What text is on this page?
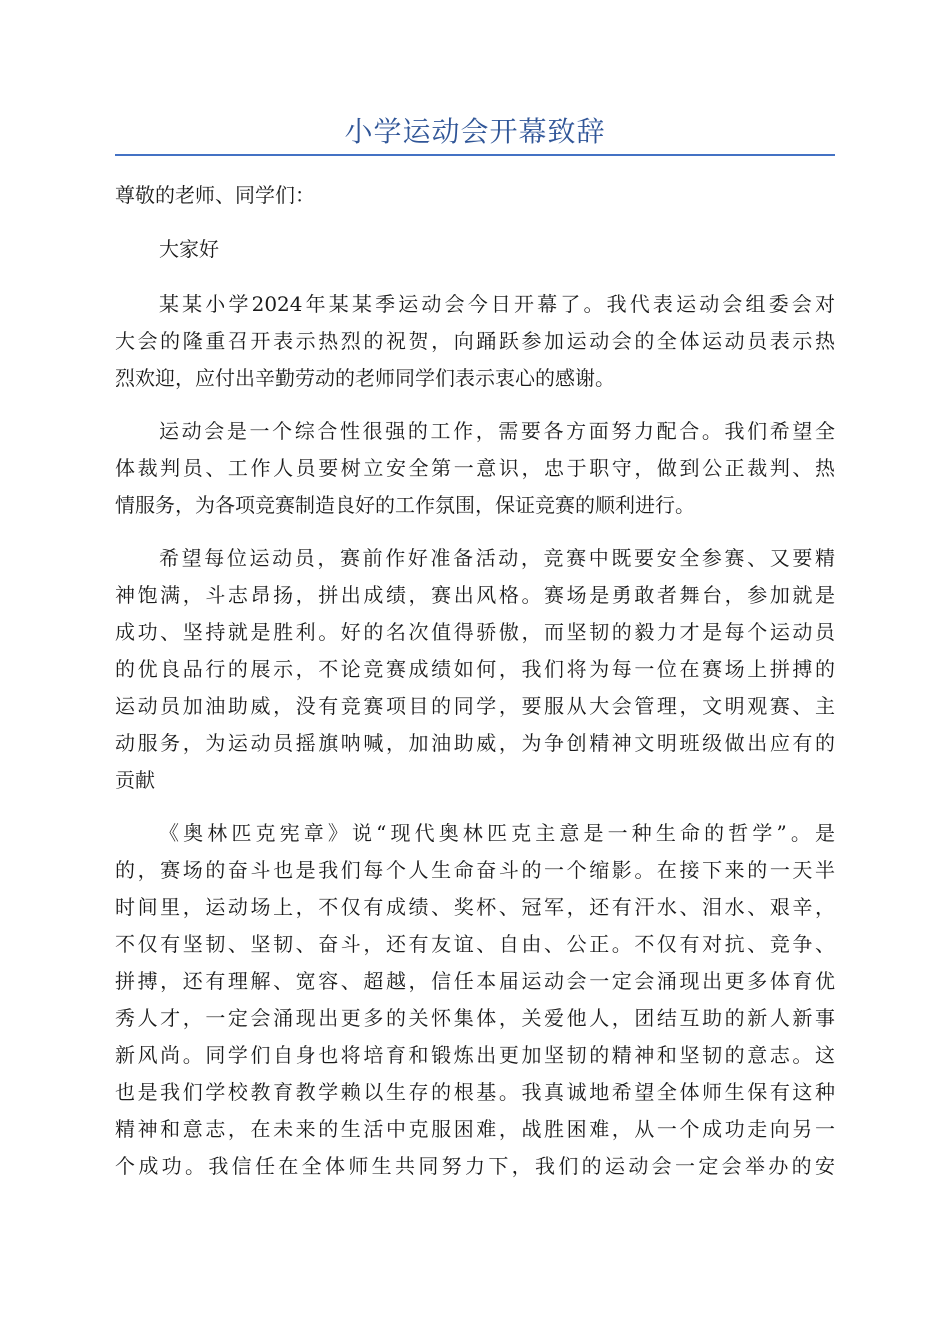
小学运动会开幕致辞

尊敬的老师、同学们：

大家好

某某小学2024年某某季运动会今日开幕了。我代表运动会组委会对
大会的隆重召开表示热烈的祝贺，向踊跃参加运动会的全体运动员表示热
烈欢迎，应付出辛勤劳动的老师同学们表示衷心的感谢。
运动会是一个综合性很强的工作，需要各方面努力配合。我们希望全
体裁判员、工作人员要树立安全第一意识，忠于职守，做到公正裁判、热
情服务，为各项竞赛制造良好的工作氛围，保证竞赛的顺利进行。
希望每位运动员，赛前作好准备活动，竞赛中既要安全参赛、又要精
神饱满，斗志昂扬，拼出成绩，赛出风格。赛场是勇敢者舞台，参加就是
成功、坚持就是胜利。好的名次值得骄傲，而坚韧的毅力才是每个运动员
的优良品行的展示，不论竞赛成绩如何，我们将为每一位在赛场上拼搏的
运动员加油助威，没有竞赛项目的同学，要服从大会管理，文明观赛、主
动服务，为运动员摇旗呐喊，加油助威，为争创精神文明班级做出应有的
贡献
《奥林匹克宪章》说“现代奥林匹克主意是一种生命的哲学”。是
的，赛场的奋斗也是我们每个人生命奋斗的一个缩影。在接下来的一天半
时间里，运动场上，不仅有成绩、奖杯、冠军，还有汗水、泪水、艰辛，
不仅有坚韧、坚韧、奋斗，还有友谊、自由、公正。不仅有对抗、竞争、
拼搏，还有理解、宽容、超越，信任本届运动会一定会涌现出更多体育优
秀人才，一定会涌现出更多的关怀集体，关爱他人，团结互助的新人新事
新风尚。同学们自身也将培育和锻炼出更加坚韧的精神和坚韧的意志。这
也是我们学校教育教学赖以生存的根基。我真诚地希望全体师生保有这种
精神和意志，在未来的生活中克服困难，战胜困难，从一个成功走向另一
个成功。我信任在全体师生共同努力下，我们的运动会一定会举办的安
